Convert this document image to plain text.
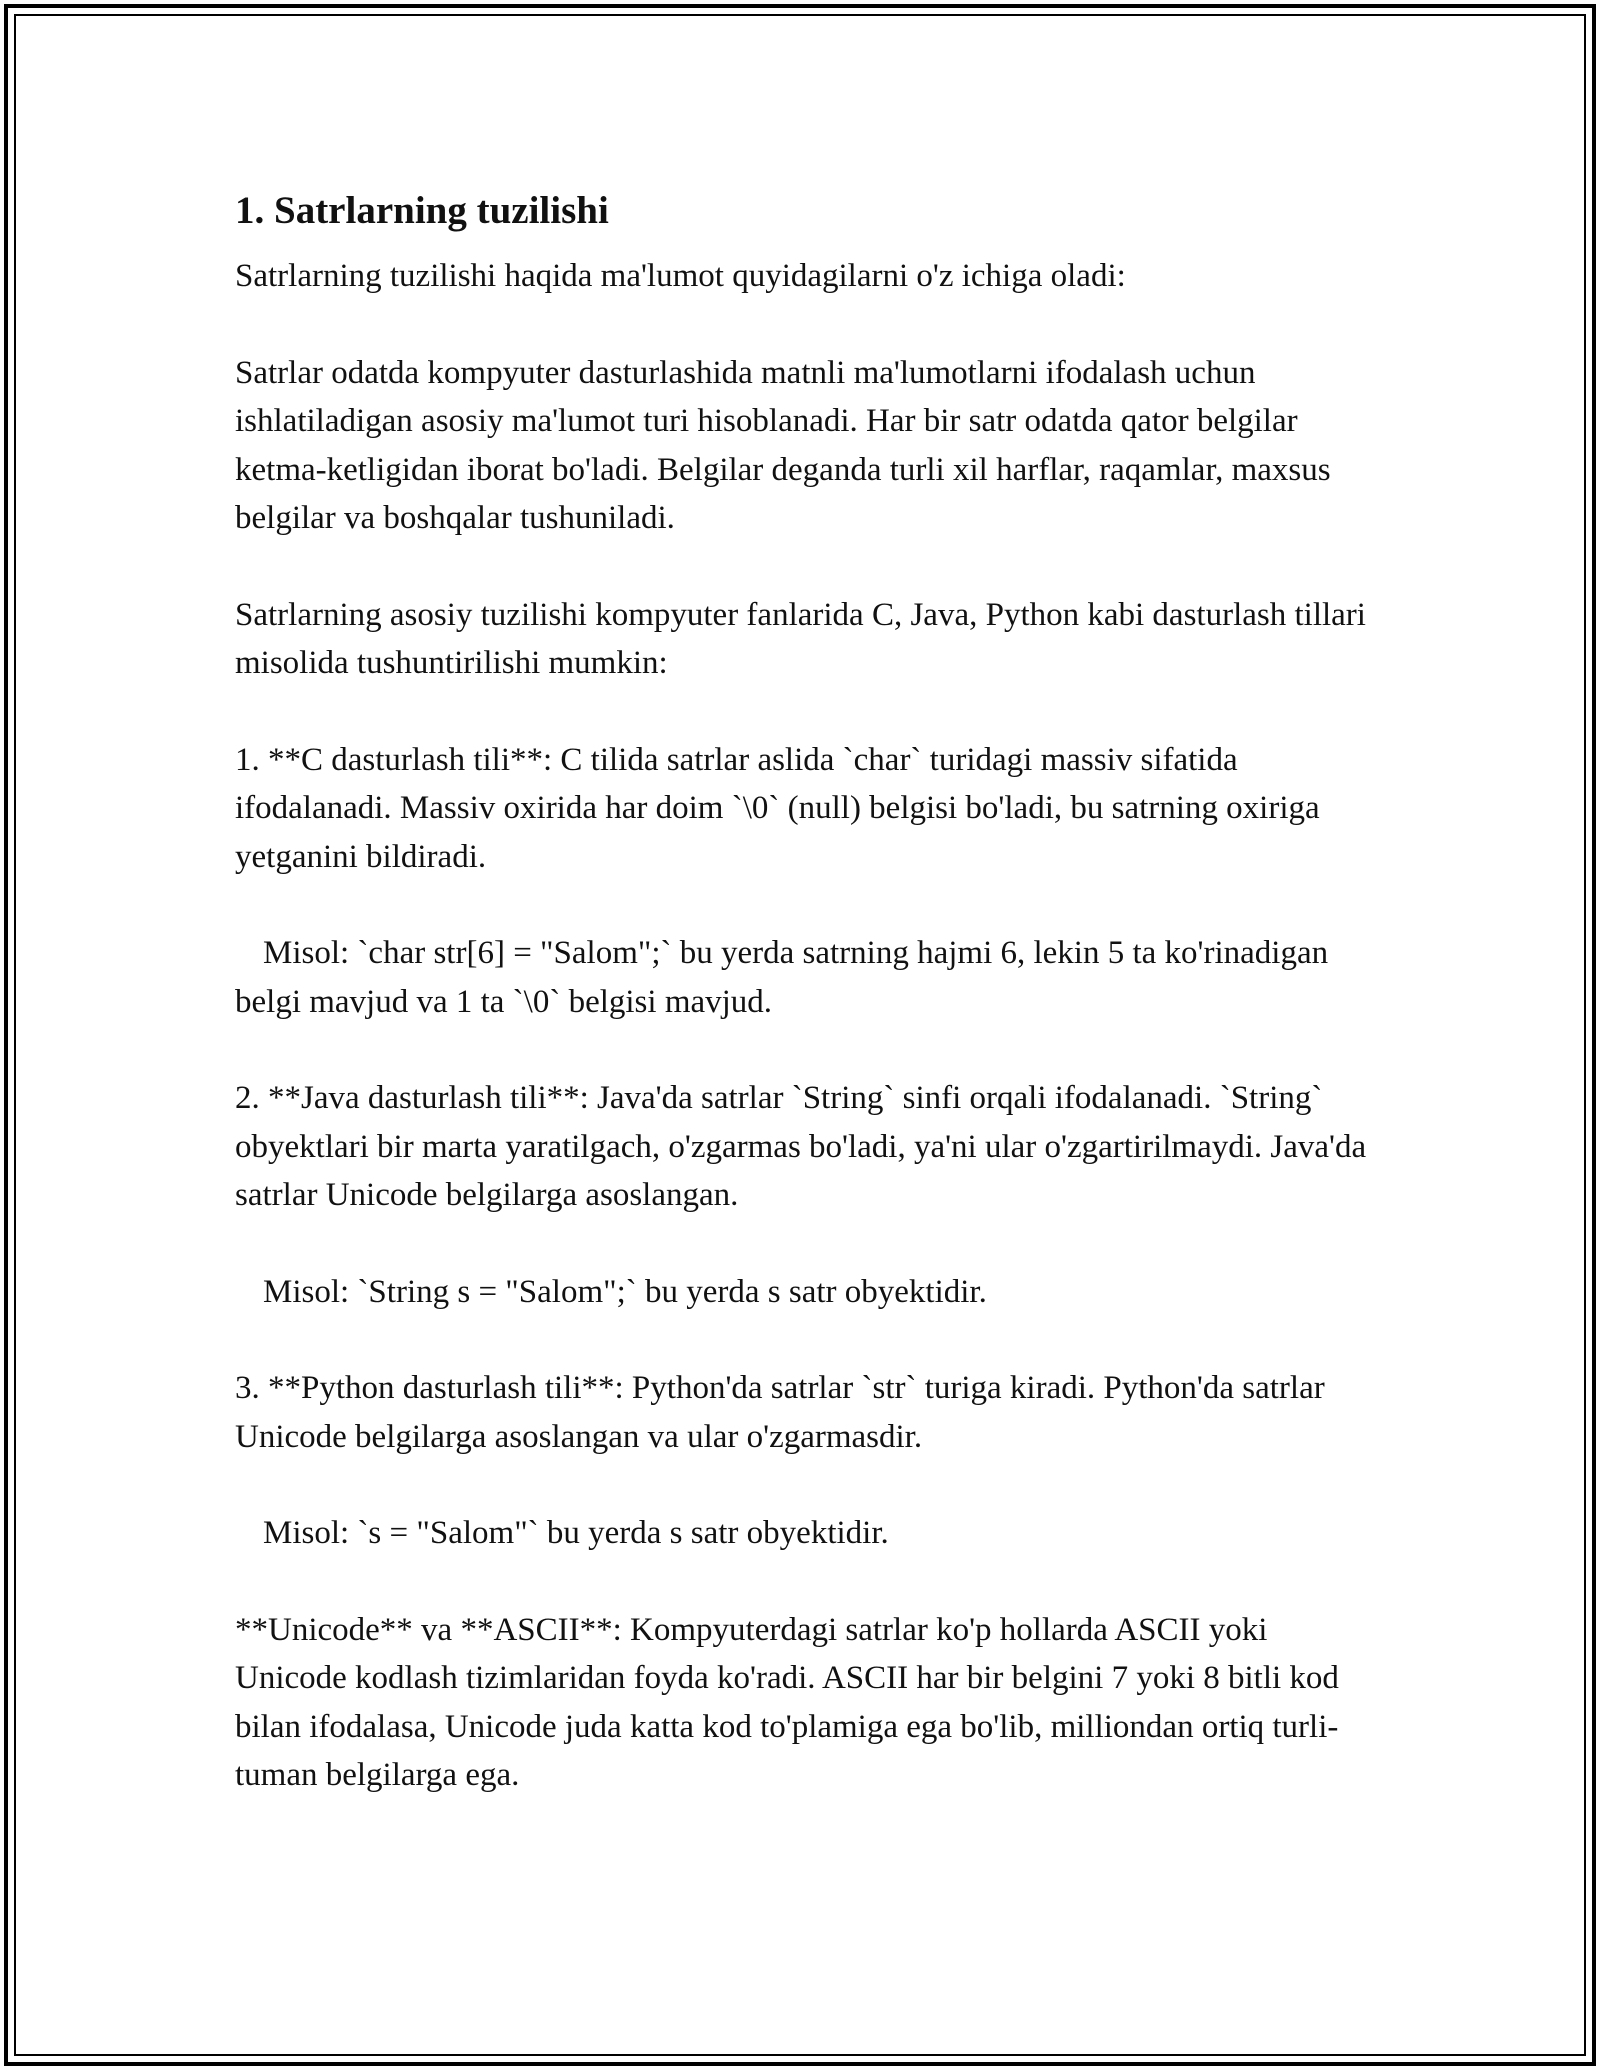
1. Satrlarning tuzilishi

Satrlarning tuzilishi haqida ma'lumot quyidagilarni o'z ichiga oladi:

Satrlar odatda kompyuter dasturlashida matnli ma'lumotlarni ifodalash uchun ishlatiladigan asosiy ma'lumot turi hisoblanadi. Har bir satr odatda qator belgilar ketma-ketligidan iborat bo'ladi. Belgilar deganda turli xil harflar, raqamlar, maxsus belgilar va boshqalar tushuniladi.

Satrlarning asosiy tuzilishi kompyuter fanlarida C, Java, Python kabi dasturlash tillari misolida tushuntirilishi mumkin:

1. **C dasturlash tili**: C tilida satrlar aslida `char` turidagi massiv sifatida ifodalanadi. Massiv oxirida har doim `\0` (null) belgisi bo'ladi, bu satrning oxiriga yetganini bildiradi.

Misol: `char str[6] = "Salom";` bu yerda satrning hajmi 6, lekin 5 ta ko'rinadigan belgi mavjud va 1 ta `\0` belgisi mavjud.

2. **Java dasturlash tili**: Java'da satrlar `String` sinfi orqali ifodalanadi. `String` obyektlari bir marta yaratilgach, o'zgarmas bo'ladi, ya'ni ular o'zgartirilmaydi. Java'da satrlar Unicode belgilarga asoslangan.

Misol: `String s = "Salom";` bu yerda s satr obyektidir.

3. **Python dasturlash tili**: Python'da satrlar `str` turiga kiradi. Python'da satrlar Unicode belgilarga asoslangan va ular o'zgarmasdir.

Misol: `s = "Salom"` bu yerda s satr obyektidir.

**Unicode** va **ASCII**: Kompyuterdagi satrlar ko'p hollarda ASCII yoki Unicode kodlash tizimlaridan foyda ko'radi. ASCII har bir belgini 7 yoki 8 bitli kod bilan ifodalasa, Unicode juda katta kod to'plamiga ega bo'lib, milliondan ortiq turli-tuman belgilarga ega.
